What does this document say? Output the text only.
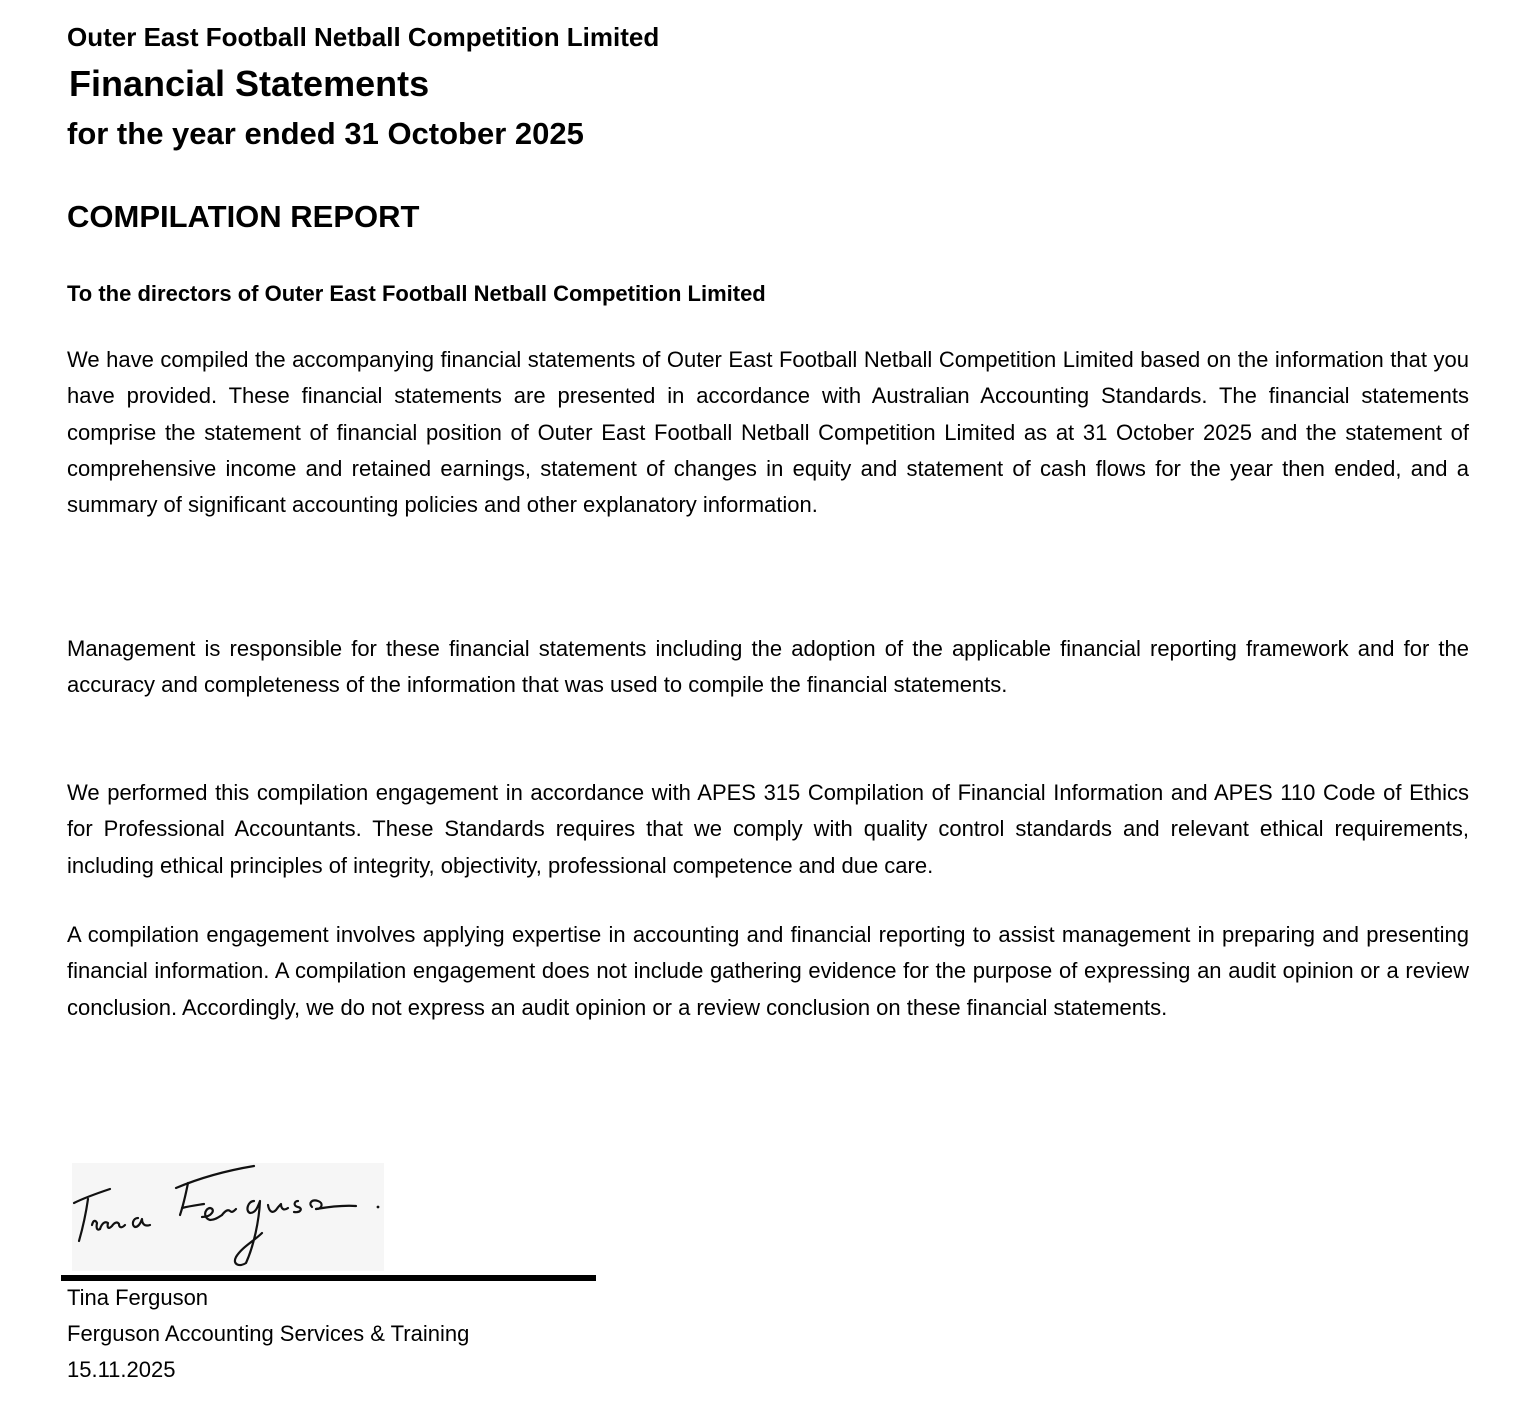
Outer East Football Netball Competition Limited
Financial Statements
for the year ended 31 October 2025
COMPILATION REPORT

To the directors of Outer East Football Netball Competition Limited

We have compiled the accompanying financial statements of Outer East Football Netball Competition Limited based on the information that you have provided. These financial statements are presented in accordance with Australian Accounting Standards. The financial statements comprise the statement of financial position of Outer East Football Netball Competition Limited as at 31 October 2025 and the statement of comprehensive income and retained earnings, statement of changes in equity and statement of cash flows for the year then ended, and a summary of significant accounting policies and other explanatory information.

Management is responsible for these financial statements including the adoption of the applicable financial reporting framework and for the accuracy and completeness of the information that was used to compile the financial statements.

We performed this compilation engagement in accordance with APES 315 Compilation of Financial Information and APES 110 Code of Ethics for Professional Accountants. These Standards requires that we comply with quality control standards and relevant ethical requirements, including ethical principles of integrity, objectivity, professional competence and due care.

A compilation engagement involves applying expertise in accounting and financial reporting to assist management in preparing and presenting financial information. A compilation engagement does not include gathering evidence for the purpose of expressing an audit opinion or a review conclusion. Accordingly, we do not express an audit opinion or a review conclusion on these financial statements.

Tina Ferguson
Ferguson Accounting Services & Training
15.11.2025
